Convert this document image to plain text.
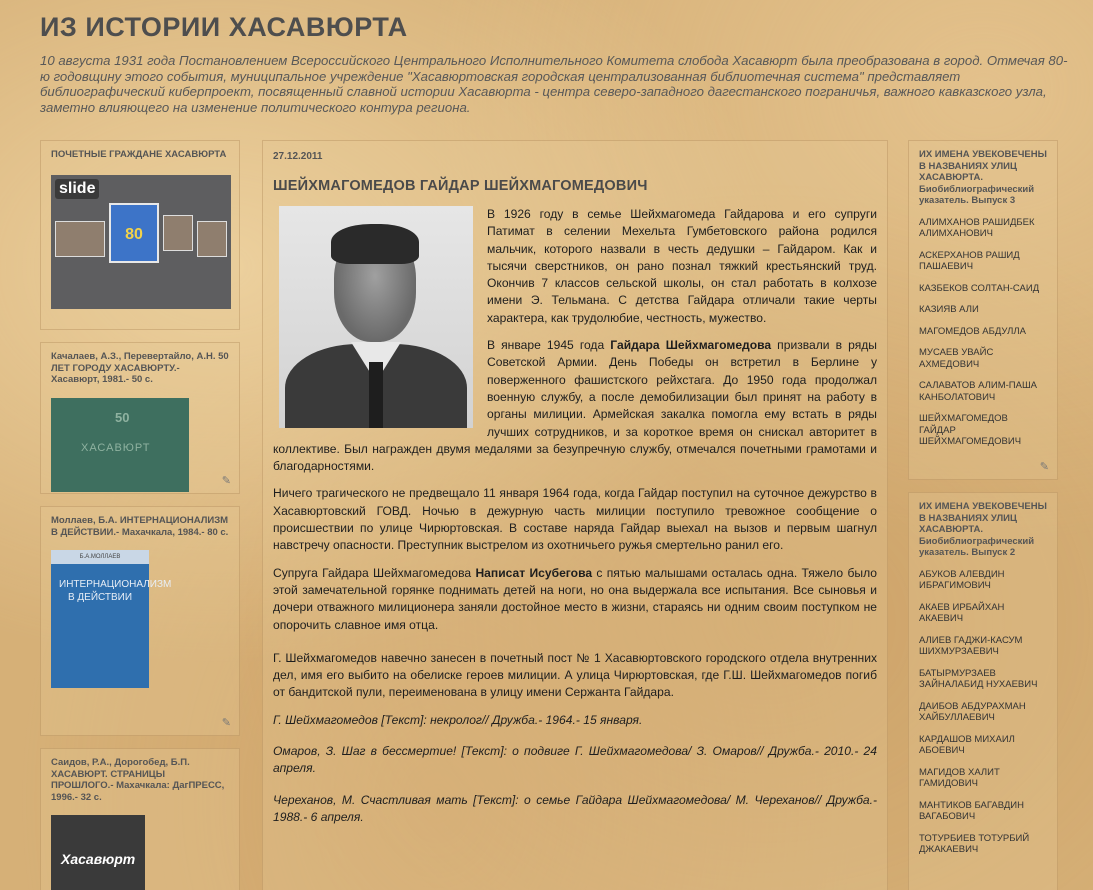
ИЗ ИСТОРИИ ХАСАВЮРТА
10 августа 1931 года Постановлением Всероссийского Центрального Исполнительного Комитета слобода Хасавюрт была преобразована в город. Отмечая 80-ю годовщину этого события, муниципальное учреждение "Хасавюртовская городская централизованная библиотечная система" представляет библиографический киберпроект, посвященный славной истории Хасавюрта - центра северо-западного дагестанского пограничья, важного кавказского узла, заметно влияющего на изменение политического контура региона.
ПОЧЕТНЫЕ ГРАЖДАНЕ ХАСАВЮРТА
slide
80
Качалаев, А.З., Перевертайло, А.Н. 50 ЛЕТ ГОРОДУ ХАСАВЮРТУ.- Хасавюрт, 1981.- 50 с.
50
ХАСАВЮРТ
✎
Моллаев, Б.А. ИНТЕРНАЦИОНАЛИЗМ В ДЕЙСТВИИ.- Махачкала, 1984.- 80 с.
Б.А.МОЛЛАЕВ
ИНТЕРНАЦИОНАЛИЗМ В ДЕЙСТВИИ
✎
Саидов, Р.А., Дорогобед, Б.П. ХАСАВЮРТ. СТРАНИЦЫ ПРОШЛОГО.- Махачкала: ДагПРЕСС, 1996.- 32 с.
Хасавюрт
27.12.2011
ШЕЙХМАГОМЕДОВ ГАЙДАР ШЕЙХМАГОМЕДОВИЧ

В 1926 году в семье Шейхмагомеда Гайдарова и его супруги Патимат в селении Мехельта Гумбетовского района родился мальчик, которого назвали в честь дедушки – Гайдаром. Как и тысячи сверстников, он рано познал тяжкий крестьянский труд. Окончив 7 классов сельской школы, он стал работать в колхозе имени Э. Тельмана. С детства Гайдара отличали такие черты характера, как трудолюбие, честность, мужество.

В январе 1945 года Гайдара Шейхмагомедова призвали в ряды Советской Армии. День Победы он встретил в Берлине у поверженного фашистского рейхстага. До 1950 года продолжал военную службу, а после демобилизации был принят на работу в органы милиции. Армейская закалка помогла ему встать в ряды лучших сотрудников, и за короткое время он снискал авторитет в коллективе. Был награжден двумя медалями за безупречную службу, отмечался почетными грамотами и благодарностями.

Ничего трагического не предвещало 11 января 1964 года, когда Гайдар поступил на суточное дежурство в Хасавюртовский ГОВД. Ночью в дежурную часть милиции поступило тревожное сообщение о происшествии по улице Чирюртовская. В составе наряда Гайдар выехал на вызов и первым шагнул навстречу опасности. Преступник выстрелом из охотничьего ружья смертельно ранил его.

Супруга Гайдара Шейхмагомедова Написат Исубегова с пятью малышами осталась одна. Тяжело было этой замечательной горянке поднимать детей на ноги, но она выдержала все испытания. Все сыновья и дочери отважного милиционера заняли достойное место в жизни, стараясь ни одним своим поступком не опорочить славное имя отца.

Г. Шейхмагомедов навечно занесен в почетный пост № 1 Хасавюртовского городского отдела внутренних дел, имя его выбито на обелиске героев милиции. А улица Чирюртовская, где Г.Ш. Шейхмагомедов погиб от бандитской пули, переименована в улицу имени Сержанта Гайдара.

Г. Шейхмагомедов [Текст]: некролог// Дружба.- 1964.- 15 января.

Омаров, З. Шаг в бессмертие! [Текст]: о подвиге Г. Шейхмагомедова/ З. Омаров// Дружба.- 2010.- 24 апреля.

Череханов, М. Счастливая мать [Текст]: о семье Гайдара Шейхмагомедова/ М. Череханов// Дружба.- 1988.- 6 апреля.

ИХ ИМЕНА УВЕКОВЕЧЕНЫ В НАЗВАНИЯХ УЛИЦ ХАСАВЮРТА.
Биобиблиографический указатель. Выпуск 3
АЛИМХАНОВ РАШИДБЕК АЛИМХАНОВИЧ
АСКЕРХАНОВ РАШИД ПАШАЕВИЧ
КАЗБЕКОВ СОЛТАН-САИД
КАЗИЯВ АЛИ
МАГОМЕДОВ АБДУЛЛА
МУСАЕВ УВАЙС АХМЕДОВИЧ
САЛАВАТОВ АЛИМ-ПАША КАНБОЛАТОВИЧ
ШЕЙХМАГОМЕДОВ ГАЙДАР ШЕЙХМАГОМЕДОВИЧ
✎
ИХ ИМЕНА УВЕКОВЕЧЕНЫ В НАЗВАНИЯХ УЛИЦ ХАСАВЮРТА.
Биобиблиографический указатель. Выпуск 2
АБУКОВ АЛЕВДИН ИБРАГИМОВИЧ
АКАЕВ ИРБАЙХАН АКАЕВИЧ
АЛИЕВ ГАДЖИ-КАСУМ ШИХМУРЗАЕВИЧ
БАТЫРМУРЗАЕВ ЗАЙНАЛАБИД НУХАЕВИЧ
ДАИБОВ АБДУРАХМАН ХАЙБУЛЛАЕВИЧ
КАРДАШОВ МИХАИЛ АБОЕВИЧ
МАГИДОВ ХАЛИТ ГАМИДОВИЧ
МАНТИКОВ БАГАВДИН ВАГАБОВИЧ
ТОТУРБИЕВ ТОТУРБИЙ ДЖАКАЕВИЧ
